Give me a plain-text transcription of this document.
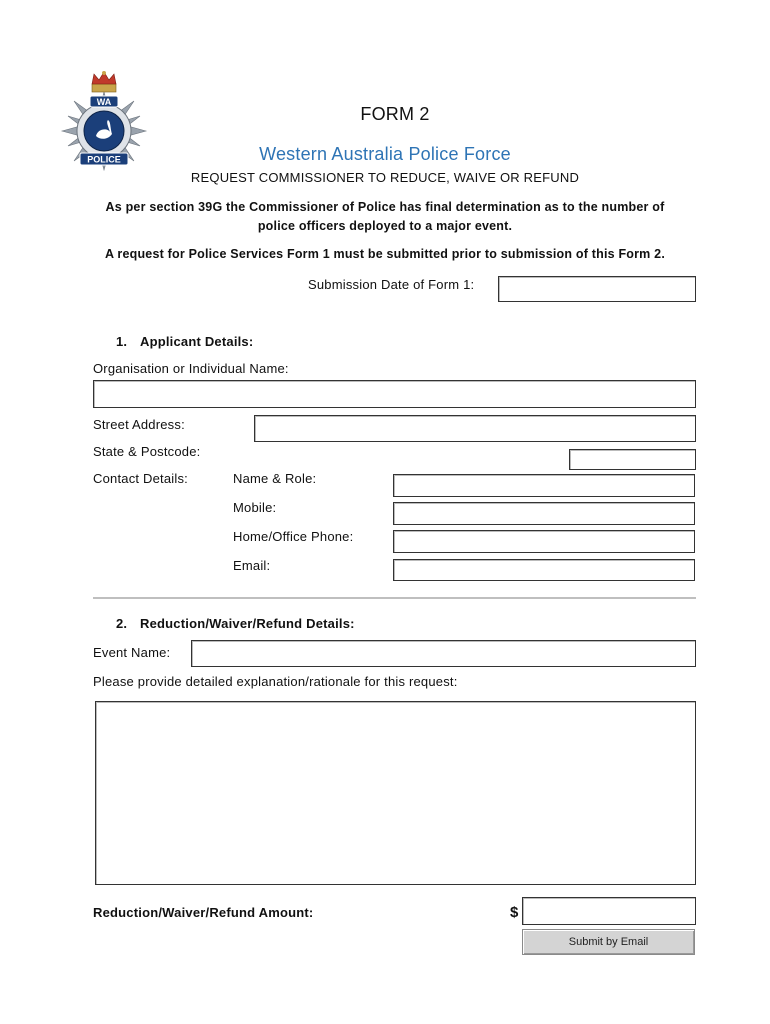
WA
POLICE
FORM 2
Western Australia Police Force
REQUEST COMMISSIONER TO REDUCE, WAIVE OR REFUND
As per section 39G the Commissioner of Police has final determination as to the number of
police officers deployed to a major event.
A request for Police Services Form 1 must be submitted prior to submission of this Form 2.
Submission Date of Form 1:
1. Applicant Details:
Organisation or Individual Name:
Street Address:
State & Postcode:
Contact Details:	Name & Role:
Mobile:
Home/Office Phone:
Email:
2. Reduction/Waiver/Refund Details:
Event Name:
Please provide detailed explanation/rationale for this request:
Reduction/Waiver/Refund Amount:	$
Submit by Email
